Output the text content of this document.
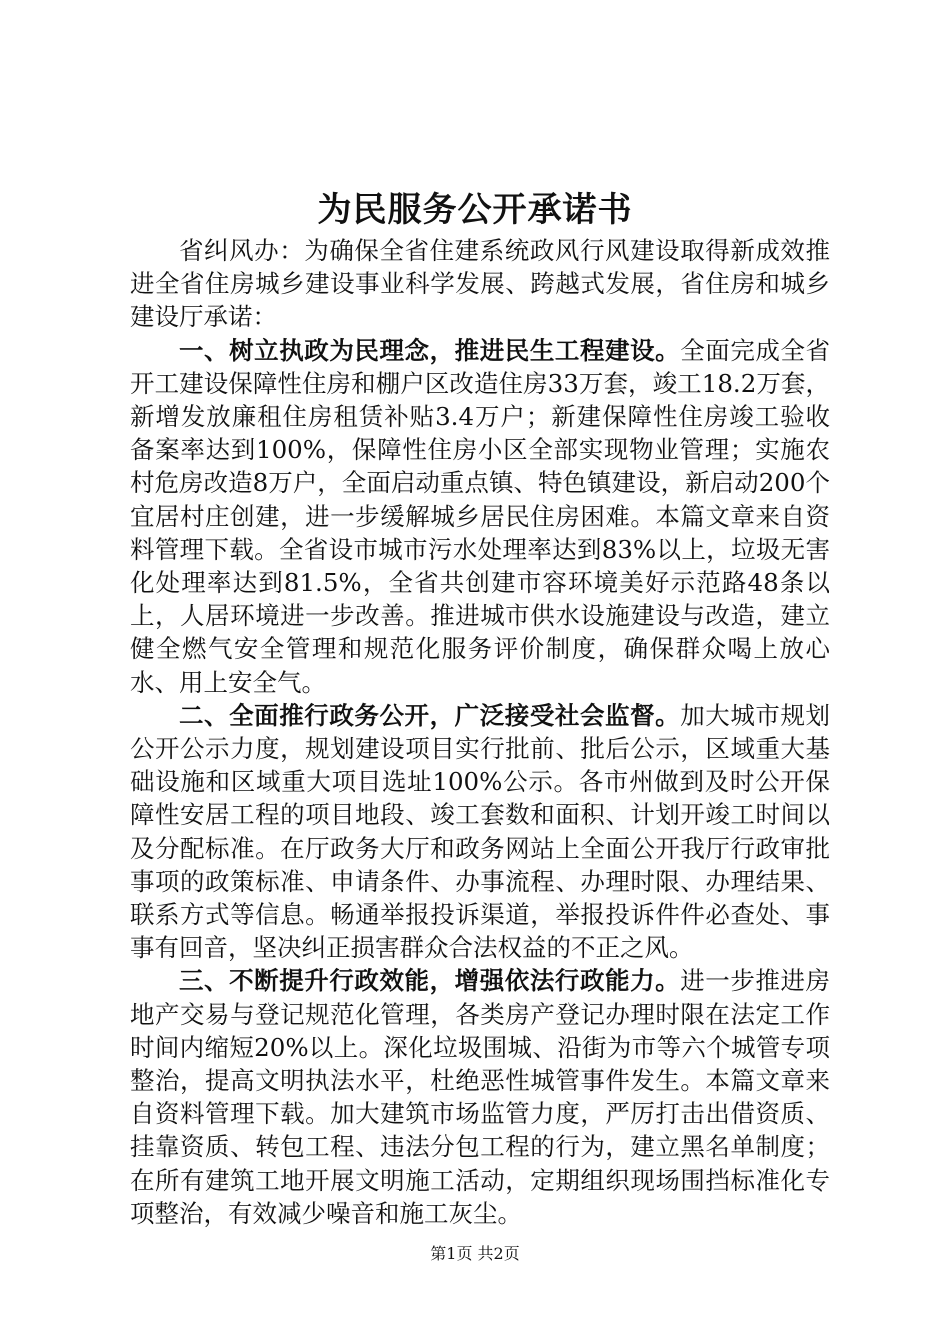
为民服务公开承诺书

省纠风办：为确保全省住建系统政风行风建设取得新成效推进全省住房城乡建设事业科学发展、跨越式发展，省住房和城乡建设厅承诺：

一、树立执政为民理念，推进民生工程建设。全面完成全省开工建设保障性住房和棚户区改造住房33万套，竣工18.2万套，新增发放廉租住房租赁补贴3.4万户；新建保障性住房竣工验收备案率达到100%，保障性住房小区全部实现物业管理；实施农村危房改造8万户，全面启动重点镇、特色镇建设，新启动200个宜居村庄创建，进一步缓解城乡居民住房困难。本篇文章来自资料管理下载。全省设市城市污水处理率达到83%以上，垃圾无害化处理率达到81.5%，全省共创建市容环境美好示范路48条以上，人居环境进一步改善。推进城市供水设施建设与改造，建立健全燃气安全管理和规范化服务评价制度，确保群众喝上放心水、用上安全气。

二、全面推行政务公开，广泛接受社会监督。加大城市规划公开公示力度，规划建设项目实行批前、批后公示，区域重大基础设施和区域重大项目选址100%公示。各市州做到及时公开保障性安居工程的项目地段、竣工套数和面积、计划开竣工时间以及分配标准。在厅政务大厅和政务网站上全面公开我厅行政审批事项的政策标准、申请条件、办事流程、办理时限、办理结果、联系方式等信息。畅通举报投诉渠道，举报投诉件件必查处、事事有回音，坚决纠正损害群众合法权益的不正之风。

三、不断提升行政效能，增强依法行政能力。进一步推进房地产交易与登记规范化管理，各类房产登记办理时限在法定工作时间内缩短20%以上。深化垃圾围城、沿街为市等六个城管专项整治，提高文明执法水平，杜绝恶性城管事件发生。本篇文章来自资料管理下载。加大建筑市场监管力度，严厉打击出借资质、挂靠资质、转包工程、违法分包工程的行为，建立黑名单制度；在所有建筑工地开展文明施工活动，定期组织现场围挡标准化专项整治，有效减少噪音和施工灰尘。

第1页 共2页
